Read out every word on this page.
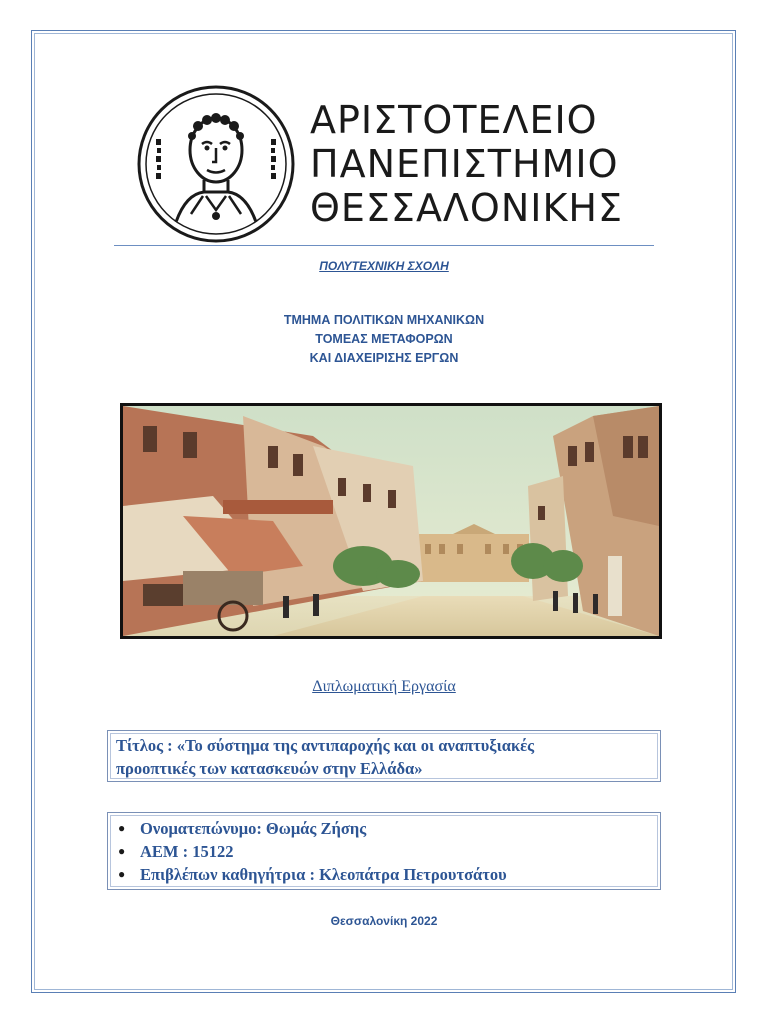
ΑΡΙΣΤΟΤΕΛΕΙΟ
ΠΑΝΕΠΙΣΤΗΜΙΟ
ΘΕΣΣΑΛΟΝΙΚΗΣ
ΠΟΛΥΤΕΧΝΙΚΗ ΣΧΟΛΗ
ΤΜΗΜΑ ΠΟΛΙΤΙΚΩΝ ΜΗΧΑΝΙΚΩΝ
ΤΟΜΕΑΣ ΜΕΤΑΦΟΡΩΝ
ΚΑΙ ΔΙΑΧΕΙΡΙΣΗΣ ΕΡΓΩΝ
Διπλωματική Εργασία
Τίτλος : «Το σύστημα της αντιπαροχής και οι αναπτυξιακές
προοπτικές των κατασκευών στην Ελλάδα»
● Ονοματεπώνυμο: Θωμάς Ζήσης
● ΑΕΜ : 15122
● Επιβλέπων καθηγήτρια : Κλεοπάτρα Πετρουτσάτου
Θεσσαλονίκη 2022
